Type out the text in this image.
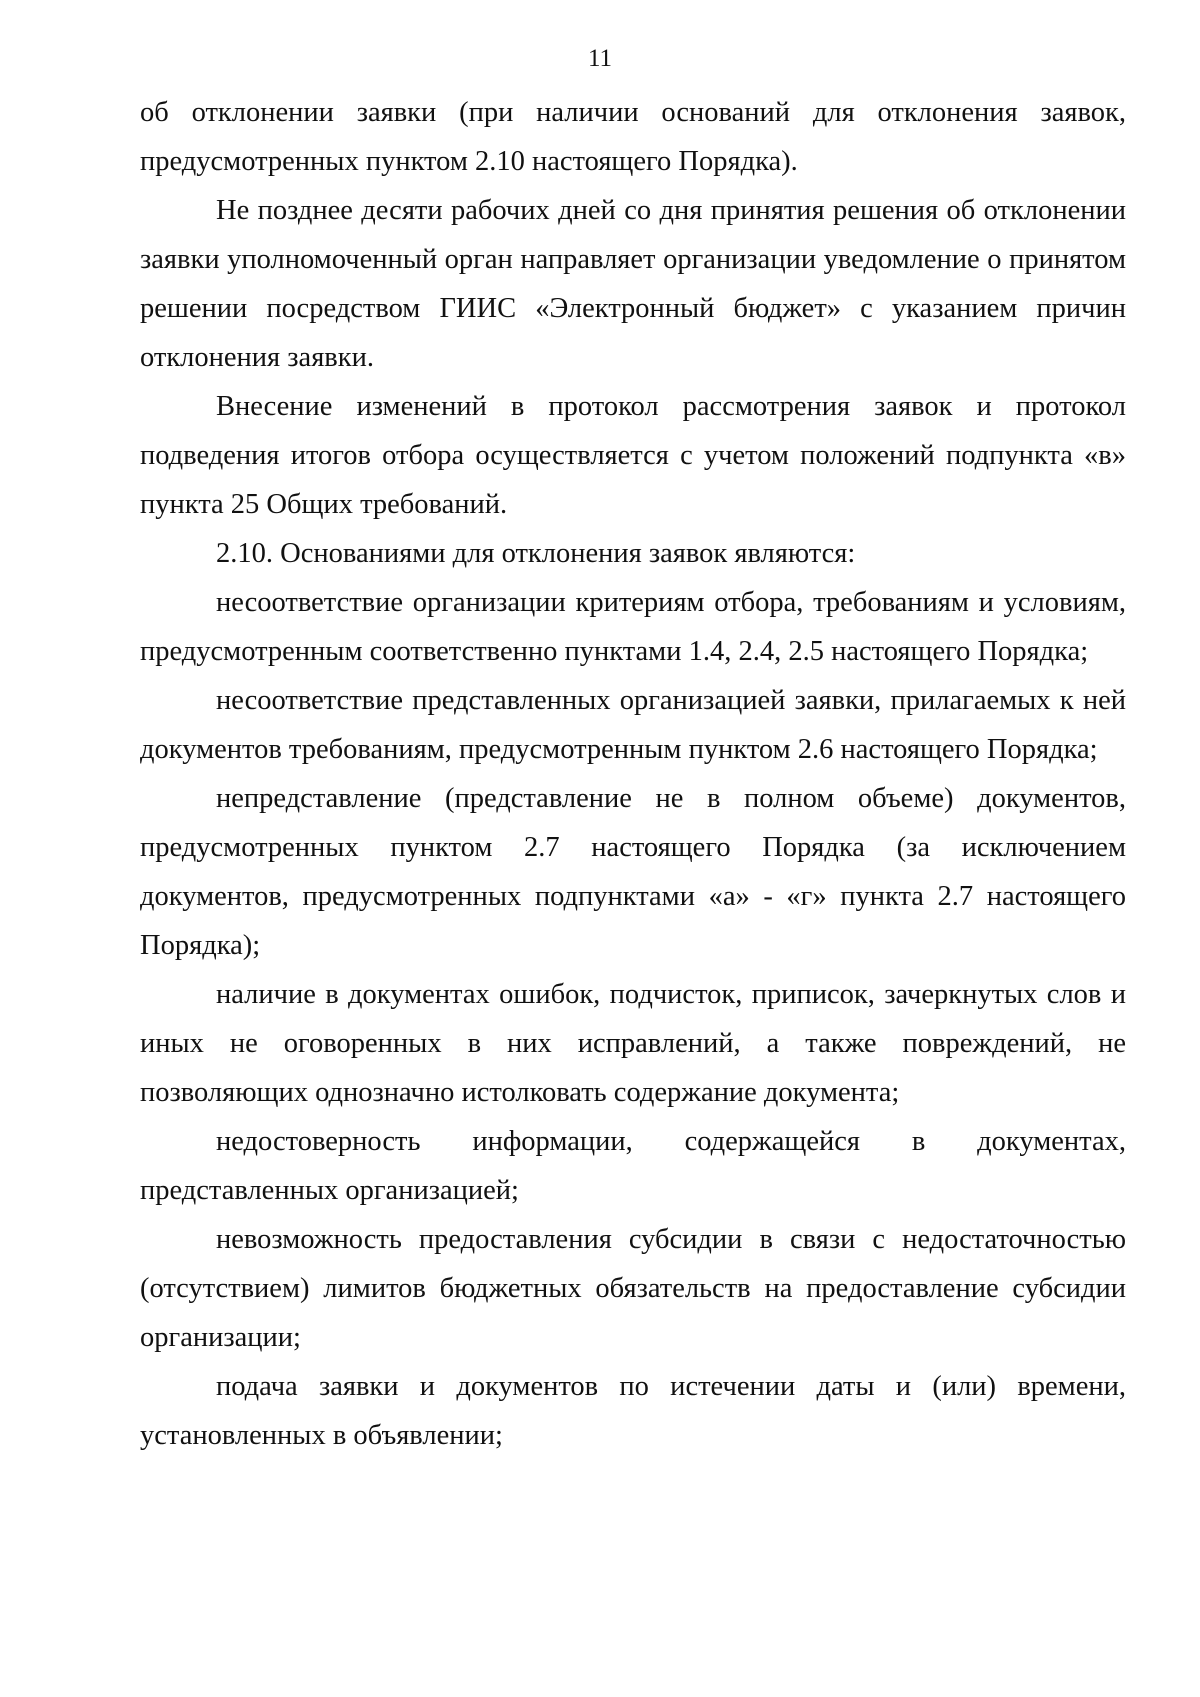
11

об отклонении заявки (при наличии оснований для отклонения заявок, предусмотренных пунктом 2.10 настоящего Порядка).

Не позднее десяти рабочих дней со дня принятия решения об отклонении заявки уполномоченный орган направляет организации уведомление о принятом решении посредством ГИИС «Электронный бюджет» с указанием причин отклонения заявки.

Внесение изменений в протокол рассмотрения заявок и протокол подведения итогов отбора осуществляется с учетом положений подпункта «в» пункта 25 Общих требований.

2.10. Основаниями для отклонения заявок являются:

несоответствие организации критериям отбора, требованиям и условиям, предусмотренным соответственно пунктами 1.4, 2.4, 2.5 настоящего Порядка;

несоответствие представленных организацией заявки, прилагаемых к ней документов требованиям, предусмотренным пунктом 2.6 настоящего Порядка;

непредставление (представление не в полном объеме) документов, предусмотренных пунктом 2.7 настоящего Порядка (за исключением документов, предусмотренных подпунктами «а» - «г» пункта 2.7 настоящего Порядка);

наличие в документах ошибок, подчисток, приписок, зачеркнутых слов и иных не оговоренных в них исправлений, а также повреждений, не позволяющих однозначно истолковать содержание документа;

недостоверность информации, содержащейся в документах, представленных организацией;

невозможность предоставления субсидии в связи с недостаточностью (отсутствием) лимитов бюджетных обязательств на предоставление субсидии организации;

подача заявки и документов по истечении даты и (или) времени, установленных в объявлении;
